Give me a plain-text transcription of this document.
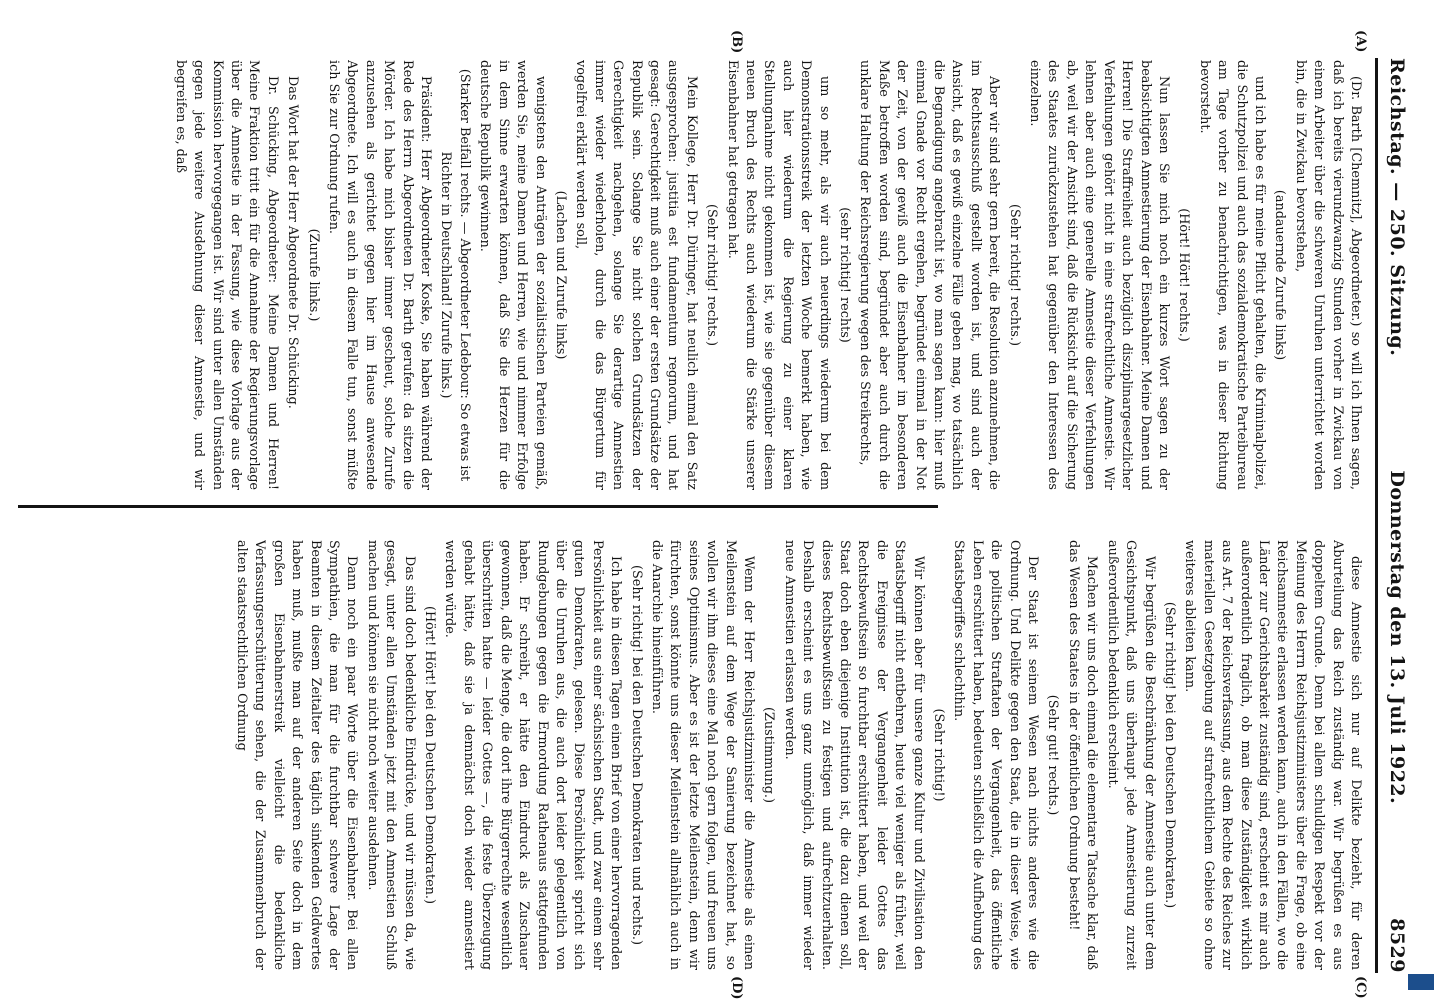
Reichstag. — 250. Sitzung.
Donnerstag den 13. Juli 1922.                8529
(A)
(B)
(C)
(D)

(Dr. Barth [Chemnitz], Abgeordneter.) so will ich Ihnen sagen, daß ich bereits vierundzwanzig Stunden vorher in Zwickau von einem Arbeiter über die schweren Unruhen unterrichtet worden bin, die in Zwickau bevorstehen,

(andauernde Zurufe links)

und ich habe es für meine Pflicht gehalten, die Kriminalpolizei, die Schutzpolizei und auch das sozialdemokratische Parteibureau am Tage vorher zu benachrichtigen, was in dieser Richtung bevorsteht.

(Hört! Hört! rechts.)

Nun lassen Sie mich noch ein kurzes Wort sagen zu der beabsichtigten Amnestierung der Eisenbahner. Meine Damen und Herren! Die Straffreiheit auch bezüglich disziplinargesetzlicher Verfehlungen gehört nicht in eine strafrechtliche Amnestie. Wir lehnen aber auch eine generelle Amnestie dieser Verfehlungen ab, weil wir der Ansicht sind, daß die Rücksicht auf die Sicherung des Staates zurückzustehen hat gegenüber den Interessen des einzelnen.

(Sehr richtig! rechts.)

Aber wir sind sehr gern bereit, die Resolution anzunehmen, die im Rechtsausschuß gestellt worden ist, und sind auch der Ansicht, daß es gewiß einzelne Fälle geben mag, wo tatsächlich die Begnadigung angebracht ist, wo man sagen kann: hier muß einmal Gnade vor Recht ergehen, begründet einmal in der Not der Zeit, von der gewiß auch die Eisenbahner im besonderen Maße betroffen worden sind, begründet aber auch durch die unklare Haltung der Reichsregierung wegen des Streikrechts,

(sehr richtig! rechts)

um so mehr, als wir auch neuerdings wiederum bei dem Demonstrationsstreik der letzten Woche bemerkt haben, wie auch hier wiederum die Regierung zu einer klaren Stellungnahme nicht gekommen ist, wie sie gegenüber diesem neuen Bruch des Rechts auch wiederum die Stärke unserer Eisenbahner hat getragen hat.

(Sehr richtig! rechts.)

Mein Kollege, Herr Dr. Düringer, hat neulich einmal den Satz ausgesprochen: justitia est fundamentum regnorum, und hat gesagt: Gerechtigkeit muß auch einer der ersten Grundsätze der Republik sein. Solange Sie nicht solchen Grundsätzen der Gerechtigkeit nachgehen, solange Sie derartige Amnestien immer wieder wiederholen, durch die das Bürgertum für vogelfrei erklärt werden soll,

(Lachen und Zurufe links)

wenigstens den Anträgen der sozialistischen Parteien gemäß, werden Sie, meine Damen und Herren, wie und nimmer Erfolge in dem Sinne erwarten können, daß Sie die Herzen für die deutsche Republik gewinnen.

(Starker Beifall rechts. — Abgeordneter Ledebour: So etwas ist Richter in Deutschland! Zurufe links.)

Präsident: Herr Abgeordneter Koske, Sie haben während der Rede des Herrn Abgeordneten Dr. Barth gerufen: da sitzen die Mörder. Ich habe mich bisher immer gescheut, solche Zurufe anzusehen als gerichtet gegen hier im Hause anwesende Abgeordnete. Ich will es auch in diesem Falle tun, sonst müßte ich Sie zur Ordnung rufen.

(Zurufe links.)

Das Wort hat der Herr Abgeordnete Dr. Schücking.

Dr. Schücking, Abgeordneter: Meine Damen und Herren! Meine Fraktion tritt ein für die Annahme der Regierungsvorlage über die Amnestie in der Fassung, wie diese Vorlage aus der Kommission hervorgegangen ist. Wir sind unter allen Umständen gegen jede weitere Ausdehnung dieser Amnestie, und wir begreifen es, daß

diese Amnestie sich nur auf Delikte bezieht, für deren Aburteilung das Reich zuständig war. Wir begrüßen es aus doppeltem Grunde. Denn bei allem schuldigen Respekt vor der Meinung des Herrn Reichsjustizministers über die Frage, ob eine Reichsamnestie erlassen werden kann, auch in den Fällen, wo die Länder zur Gerichtsbarkeit zuständig sind, erscheint es mir auch außerordentlich fraglich, ob man diese Zuständigkeit wirklich aus Art. 7 der Reichsverfassung, aus dem Rechte des Reiches zur materiellen Gesetzgebung auf strafrechtlichem Gebiete so ohne weiteres ableiten kann.

(Sehr richtig! bei den Deutschen Demokraten.)

Wir begrüßen die Beschränkung der Amnestie auch unter dem Gesichtspunkt, daß uns überhaupt jede Amnestierung zurzeit außerordentlich bedenklich erscheint.

Machen wir uns doch einmal die elementare Tatsache klar, daß das Wesen des Staates in der öffentlichen Ordnung besteht!

(Sehr gut! rechts.)

Der Staat ist seinem Wesen nach nichts anderes wie die Ordnung. Und Delikte gegen den Staat, die in dieser Weise, wie die politischen Straftaten der Vergangenheit, das öffentliche Leben erschüttert haben, bedeuten schließlich die Aufhebung des Staatsbegriffes schlechthin.

(Sehr richtig!)

Wir können aber für unsere ganze Kultur und Zivilisation den Staatsbegriff nicht entbehren, heute viel weniger als früher, weil die Ereignisse der Vergangenheit leider Gottes das Rechtsbewußtsein so furchtbar erschüttert haben, und weil der Staat doch eben diejenige Institution ist, die dazu dienen soll, dieses Rechtsbewußtsein zu festigen und aufrechtzuerhalten. Deshalb erscheint es uns ganz unmöglich, daß immer wieder neue Amnestien erlassen werden.

(Zustimmung.)

Wenn der Herr Reichsjustizminister die Amnestie als einen Meilenstein auf dem Wege der Sanierung bezeichnet hat, so wollen wir ihm dieses eine Mal noch gern folgen, und freuen uns seines Optimismus. Aber es ist der letzte Meilenstein, denn wir fürchten, sonst könnte uns dieser Meilenstein allmählich auch in die Anarchie hineinführen.

(Sehr richtig! bei den Deutschen Demokraten und rechts.)

Ich habe in diesen Tagen einen Brief von einer hervorragenden Persönlichkeit aus einer sächsischen Stadt, und zwar einem sehr guten Demokraten, gelesen. Diese Persönlichkeit spricht sich über die Unruhen aus, die auch dort leider gelegentlich von Rundgebungen gegen die Ermordung Rathenaus stattgefunden haben. Er schreibt, er hätte den Eindruck als Zuschauer gewonnen, daß die Menge, die dort ihre Bürgerrechte wesentlich überschritten hatte — leider Gottes —, die feste Überzeugung gehabt hätte, daß sie ja demnächst doch wieder amnestiert werden würde.

(Hört! Hört! bei den Deutschen Demokraten.)

Das sind doch bedenkliche Eindrücke, und wir müssen da, wie gesagt, unter allen Umständen jetzt mit den Amnestien Schluß machen und können sie nicht noch weiter ausdehnen.

Dann noch ein paar Worte über die Eisenbahner. Bei allen Sympathien, die man für die furchtbar schwere Lage der Beamten in diesem Zeitalter des täglich sinkenden Geldwertes haben muß, mußte man auf der anderen Seite doch in dem großen Eisenbahnerstreik vielleicht die bedenkliche Verfassungserschütterung sehen, die der Zusammenbruch der alten staatsrechtlichen Ordnung
